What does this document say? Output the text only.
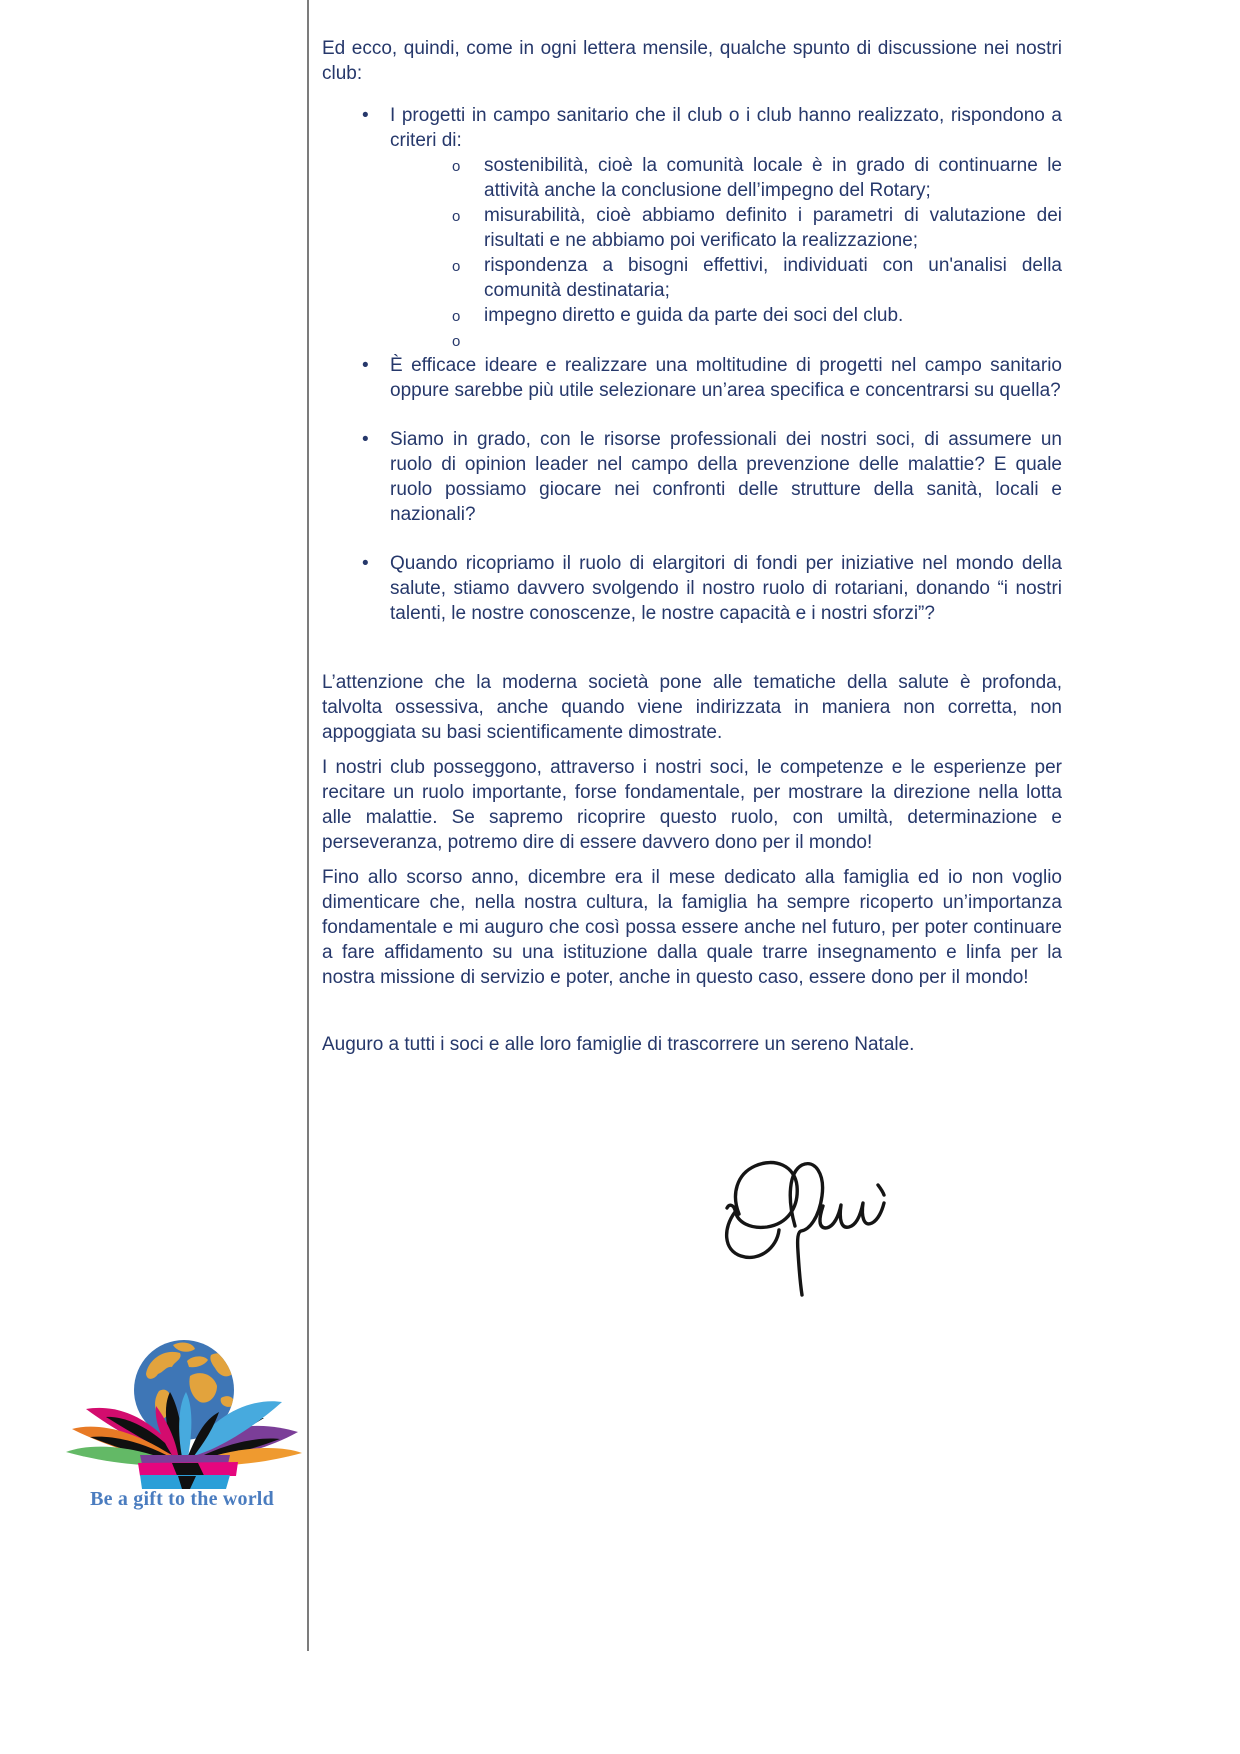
Ed ecco, quindi, come in ogni lettera mensile, qualche spunto di discussione nei nostri club:

• I progetti in campo sanitario che il club o i club hanno realizzato, rispondono a criteri di:
o sostenibilità, cioè la comunità locale è in grado di continuarne le attività anche la conclusione dell’impegno del Rotary;
o misurabilità, cioè abbiamo definito i parametri di valutazione dei risultati e ne abbiamo poi verificato la realizzazione;
o rispondenza a bisogni effettivi, individuati con un'analisi della comunità destinataria;
o impegno diretto e guida da parte dei soci del club.
o
• È efficace ideare e realizzare una moltitudine di progetti nel campo sanitario oppure sarebbe più utile selezionare un’area specifica e concentrarsi su quella?
• Siamo in grado, con le risorse professionali dei nostri soci, di assumere un ruolo di opinion leader nel campo della prevenzione delle malattie? E quale ruolo possiamo giocare nei confronti delle strutture della sanità, locali e nazionali?
• Quando ricopriamo il ruolo di elargitori di fondi per iniziative nel mondo della salute, stiamo davvero svolgendo il nostro ruolo di rotariani, donando “i nostri talenti, le nostre conoscenze, le nostre capacità e i nostri sforzi”?

L’attenzione che la moderna società pone alle tematiche della salute è profonda, talvolta ossessiva, anche quando viene indirizzata in maniera non corretta, non appoggiata su basi scientificamente dimostrate.

I nostri club posseggono, attraverso i nostri soci, le competenze e le esperienze per recitare un ruolo importante, forse fondamentale, per mostrare la direzione nella lotta alle malattie. Se sapremo ricoprire questo ruolo, con umiltà, determinazione e perseveranza, potremo dire di essere davvero dono per il mondo!

Fino allo scorso anno, dicembre era il mese dedicato alla famiglia ed io non voglio dimenticare che, nella nostra cultura, la famiglia ha sempre ricoperto un’importanza fondamentale e mi auguro che così possa essere anche nel futuro, per poter continuare a fare affidamento su una istituzione dalla quale trarre insegnamento e linfa per la nostra missione di servizio e poter, anche in questo caso, essere dono per il mondo!

Auguro a tutti i soci e alle loro famiglie di trascorrere un sereno Natale.

Be a gift to the world
